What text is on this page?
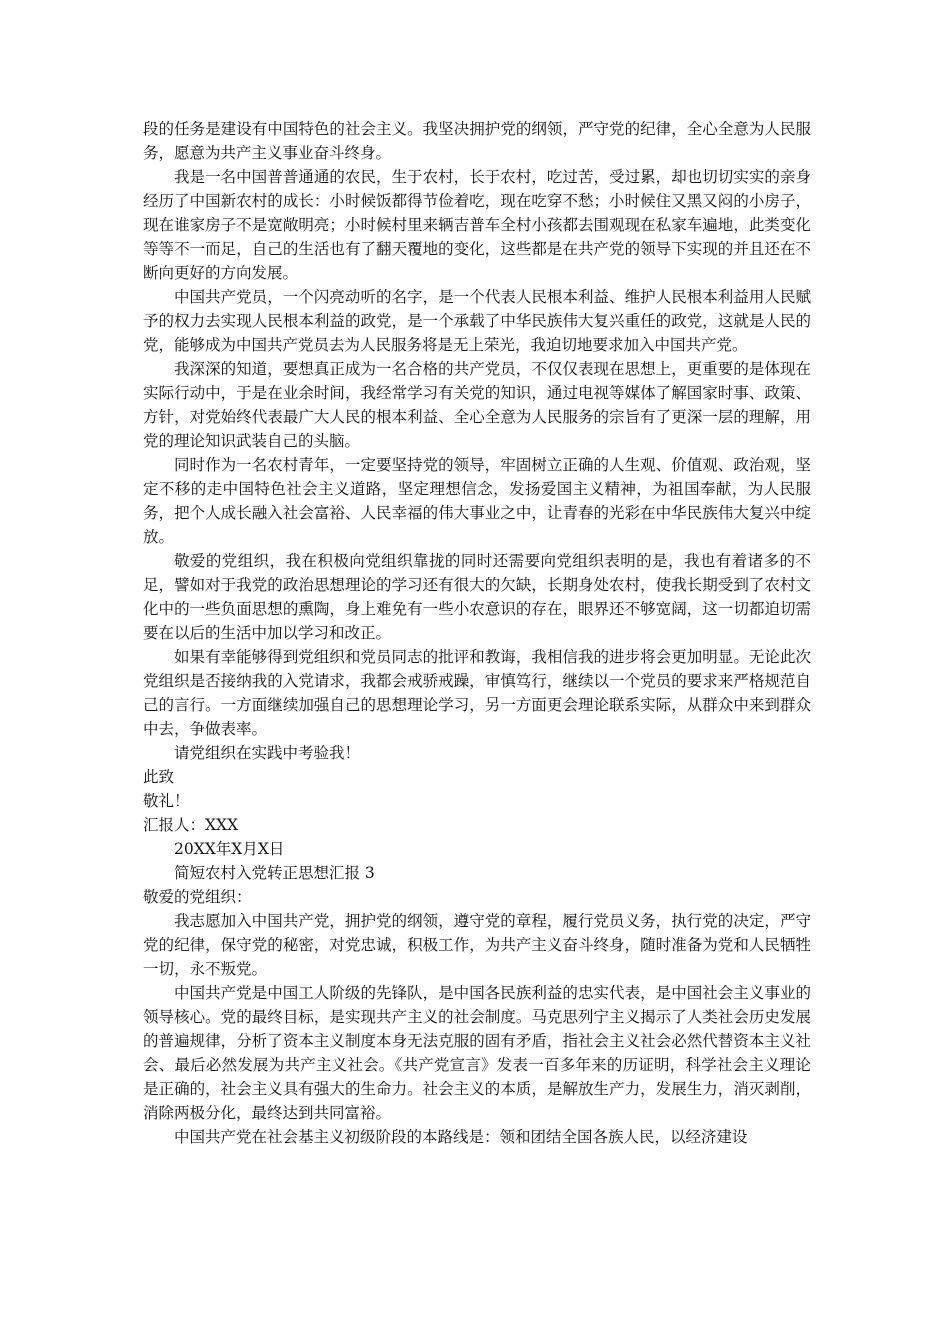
段的任务是建设有中国特色的社会主义。我坚决拥护党的纲领，严守党的纪律，全心全意为人民服务，愿意为共产主义事业奋斗终身。

我是一名中国普普通通的农民，生于农村，长于农村，吃过苦，受过累，却也切切实实的亲身经历了中国新农村的成长：小时候饭都得节俭着吃，现在吃穿不愁；小时候住又黑又闷的小房子，现在谁家房子不是宽敞明亮；小时候村里来辆吉普车全村小孩都去围观现在私家车遍地，此类变化等等不一而足，自己的生活也有了翻天覆地的变化，这些都是在共产党的领导下实现的并且还在不断向更好的方向发展。

中国共产党员，一个闪亮动听的名字，是一个代表人民根本利益、维护人民根本利益用人民赋予的权力去实现人民根本利益的政党，是一个承载了中华民族伟大复兴重任的政党，这就是人民的党，能够成为中国共产党员去为人民服务将是无上荣光，我迫切地要求加入中国共产党。

我深深的知道，要想真正成为一名合格的共产党员，不仅仅表现在思想上，更重要的是体现在实际行动中，于是在业余时间，我经常学习有关党的知识，通过电视等媒体了解国家时事、政策、方针，对党始终代表最广大人民的根本利益、全心全意为人民服务的宗旨有了更深一层的理解，用党的理论知识武装自己的头脑。

同时作为一名农村青年，一定要坚持党的领导，牢固树立正确的人生观、价值观、政治观，坚定不移的走中国特色社会主义道路，坚定理想信念，发扬爱国主义精神，为祖国奉献，为人民服务，把个人成长融入社会富裕、人民幸福的伟大事业之中，让青春的光彩在中华民族伟大复兴中绽放。

敬爱的党组织，我在积极向党组织靠拢的同时还需要向党组织表明的是，我也有着诸多的不足，譬如对于我党的政治思想理论的学习还有很大的欠缺，长期身处农村，使我长期受到了农村文化中的一些负面思想的熏陶，身上难免有一些小农意识的存在，眼界还不够宽阔，这一切都迫切需要在以后的生活中加以学习和改正。

如果有幸能够得到党组织和党员同志的批评和教诲，我相信我的进步将会更加明显。无论此次党组织是否接纳我的入党请求，我都会戒骄戒躁，审慎笃行，继续以一个党员的要求来严格规范自己的言行。一方面继续加强自己的思想理论学习，另一方面更会理论联系实际，从群众中来到群众中去，争做表率。

请党组织在实践中考验我！

此致

敬礼！

汇报人：XXX

20XX年X月X日

简短农村入党转正思想汇报 3

敬爱的党组织：

我志愿加入中国共产党，拥护党的纲领，遵守党的章程，履行党员义务，执行党的决定，严守党的纪律，保守党的秘密，对党忠诚，积极工作，为共产主义奋斗终身，随时准备为党和人民牺牲一切，永不叛党。

中国共产党是中国工人阶级的先锋队，是中国各民族利益的忠实代表，是中国社会主义事业的领导核心。党的最终目标，是实现共产主义的社会制度。马克思列宁主义揭示了人类社会历史发展的普遍规律，分析了资本主义制度本身无法克服的固有矛盾，指社会主义社会必然代替资本主义社会、最后必然发展为共产主义社会。《共产党宣言》发表一百多年来的历证明，科学社会主义理论是正确的，社会主义具有强大的生命力。社会主义的本质，是解放生产力，发展生力，消灭剥削，消除两极分化，最终达到共同富裕。

中国共产党在社会基主义初级阶段的本路线是：领和团结全国各族人民，以经济建设
